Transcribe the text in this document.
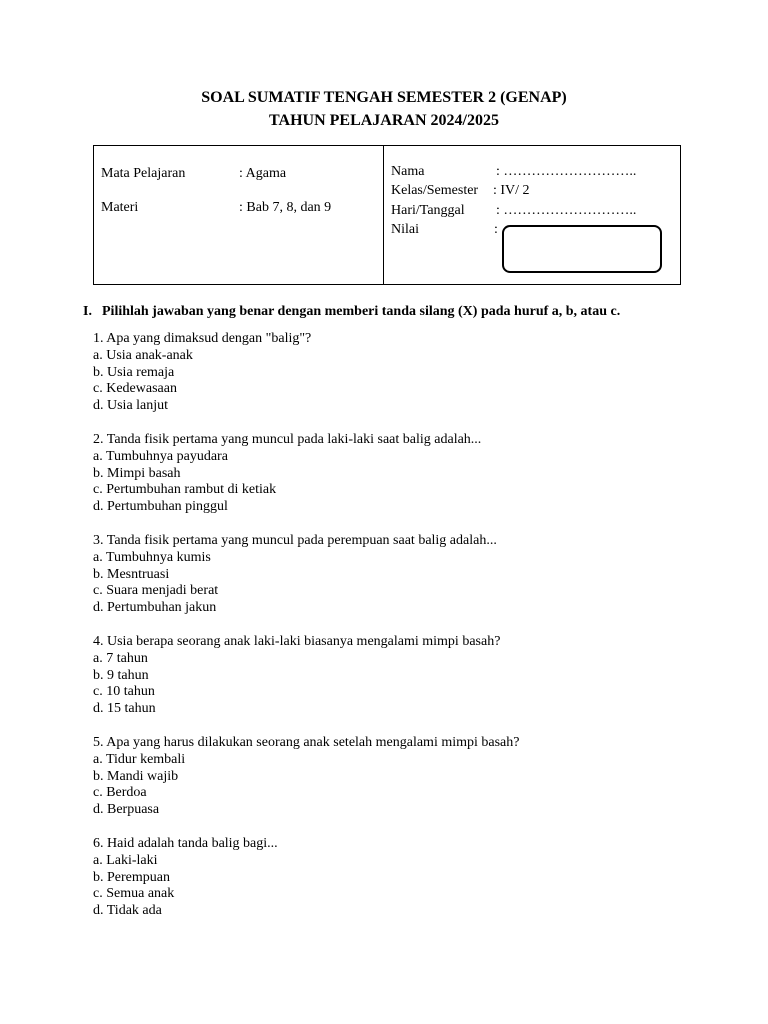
SOAL SUMATIF TENGAH SEMESTER 2 (GENAP)
TAHUN PELAJARAN 2024/2025
Mata Pelajaran	: Agama
Materi	: Bab 7, 8, dan 9
Nama	: ………………………..
Kelas/Semester : IV/ 2
Hari/Tanggal : ………………………..
Nilai	:
I. Pilihlah jawaban yang benar dengan memberi tanda silang (X) pada huruf a, b, atau c.
1. Apa yang dimaksud dengan "balig"?
a. Usia anak-anak
b. Usia remaja
c. Kedewasaan
d. Usia lanjut
2. Tanda fisik pertama yang muncul pada laki-laki saat balig adalah...
a. Tumbuhnya payudara
b. Mimpi basah
c. Pertumbuhan rambut di ketiak
d. Pertumbuhan pinggul
3. Tanda fisik pertama yang muncul pada perempuan saat balig adalah...
a. Tumbuhnya kumis
b. Mesntruasi
c. Suara menjadi berat
d. Pertumbuhan jakun
4. Usia berapa seorang anak laki-laki biasanya mengalami mimpi basah?
a. 7 tahun
b. 9 tahun
c. 10 tahun
d. 15 tahun
5. Apa yang harus dilakukan seorang anak setelah mengalami mimpi basah?
a. Tidur kembali
b. Mandi wajib
c. Berdoa
d. Berpuasa
6. Haid adalah tanda balig bagi...
a. Laki-laki
b. Perempuan
c. Semua anak
d. Tidak ada
